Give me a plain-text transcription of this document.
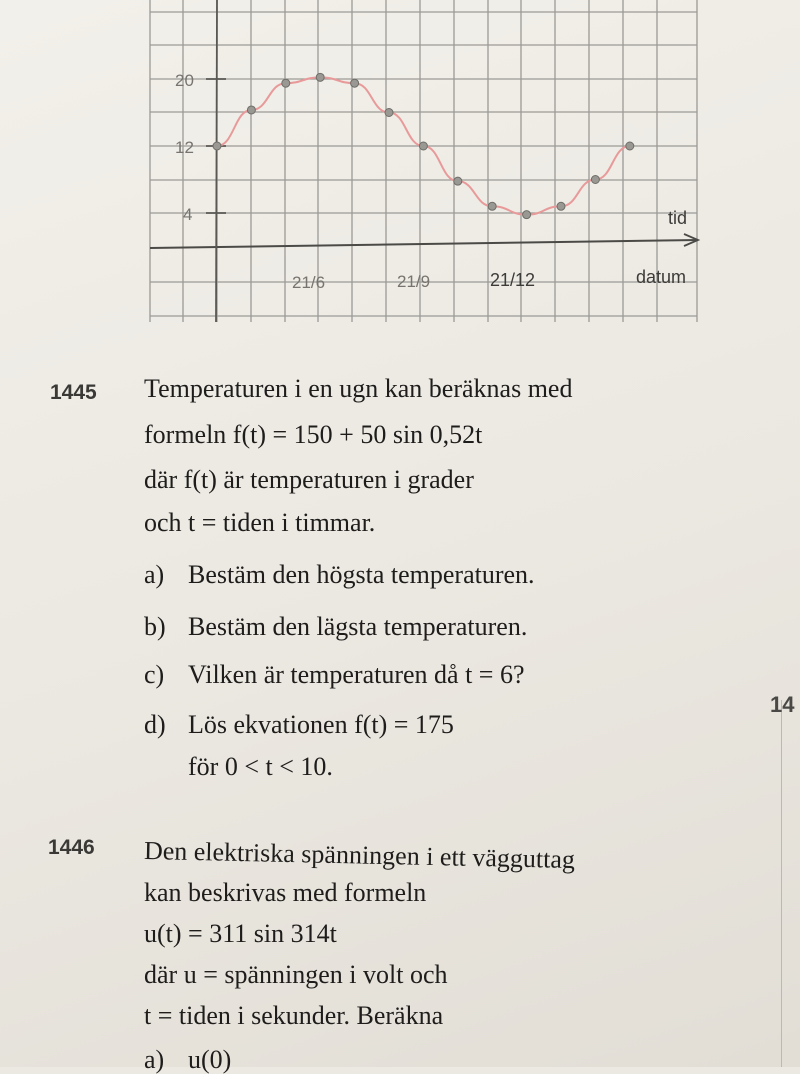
20
12
4
21/6	21/9	21/12
tid
datum
1445 Temperaturen i en ugn kan beräknas med
formeln f(t) = 150 + 50 sin 0,52t
där f(t) är temperaturen i grader
och t = tiden i timmar.
a) Bestäm den högsta temperaturen.
b) Bestäm den lägsta temperaturen.
c) Vilken är temperaturen då t = 6?
d) Lös ekvationen f(t) = 175
för 0 < t < 10.
1446 Den elektriska spänningen i ett vägguttag
kan beskrivas med formeln
u(t) = 311 sin 314t
där u = spänningen i volt och
t = tiden i sekunder. Beräkna
a) u(0)
14
